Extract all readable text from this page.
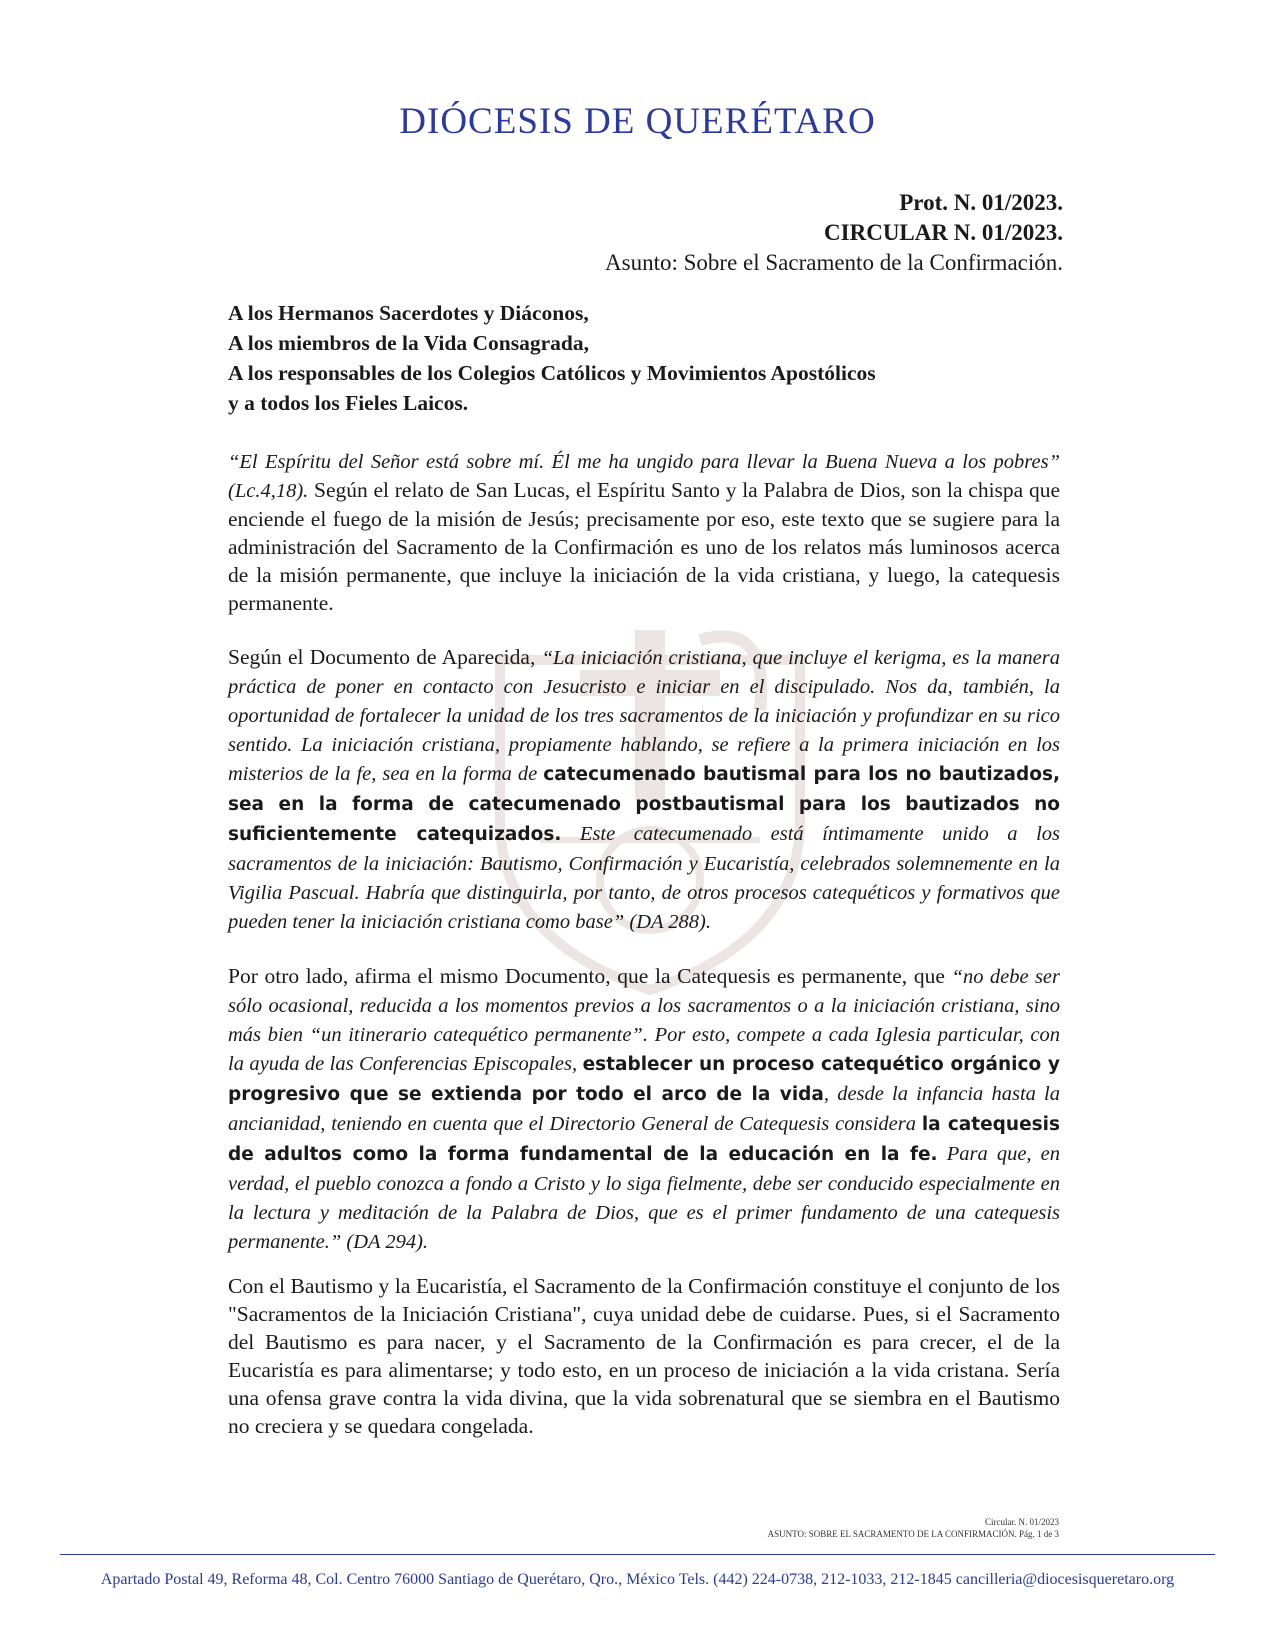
DIÓCESIS DE QUERÉTARO
Prot. N. 01/2023.
CIRCULAR N. 01/2023.
Asunto: Sobre el Sacramento de la Confirmación.
A los Hermanos Sacerdotes y Diáconos,
A los miembros de la Vida Consagrada,
A los responsables de los Colegios Católicos y Movimientos Apostólicos
y a todos los Fieles Laicos.

“El Espíritu del Señor está sobre mí. Él me ha ungido para llevar la Buena Nueva a los pobres” (Lc.4,18). Según el relato de San Lucas, el Espíritu Santo y la Palabra de Dios, son la chispa que enciende el fuego de la misión de Jesús; precisamente por eso, este texto que se sugiere para la administración del Sacramento de la Confirmación es uno de los relatos más luminosos acerca de la misión permanente, que incluye la iniciación de la vida cristiana, y luego, la catequesis permanente.

Según el Documento de Aparecida, “La iniciación cristiana, que incluye el kerigma, es la manera práctica de poner en contacto con Jesucristo e iniciar en el discipulado. Nos da, también, la oportunidad de fortalecer la unidad de los tres sacramentos de la iniciación y profundizar en su rico sentido. La iniciación cristiana, propiamente hablando, se refiere a la primera iniciación en los misterios de la fe, sea en la forma de catecumenado bautismal para los no bautizados, sea en la forma de catecumenado postbautismal para los bautizados no suficientemente catequizados. Este catecumenado está íntimamente unido a los sacramentos de la iniciación: Bautismo, Confirmación y Eucaristía, celebrados solemnemente en la Vigilia Pascual. Habría que distinguirla, por tanto, de otros procesos catequéticos y formativos que pueden tener la iniciación cristiana como base” (DA 288).

Por otro lado, afirma el mismo Documento, que la Catequesis es permanente, que “no debe ser sólo ocasional, reducida a los momentos previos a los sacramentos o a la iniciación cristiana, sino más bien “un itinerario catequético permanente”. Por esto, compete a cada Iglesia particular, con la ayuda de las Conferencias Episcopales, establecer un proceso catequético orgánico y progresivo que se extienda por todo el arco de la vida, desde la infancia hasta la ancianidad, teniendo en cuenta que el Directorio General de Catequesis considera la catequesis de adultos como la forma fundamental de la educación en la fe. Para que, en verdad, el pueblo conozca a fondo a Cristo y lo siga fielmente, debe ser conducido especialmente en la lectura y meditación de la Palabra de Dios, que es el primer fundamento de una catequesis permanente.” (DA 294).

Con el Bautismo y la Eucaristía, el Sacramento de la Confirmación constituye el conjunto de los "Sacramentos de la Iniciación Cristiana", cuya unidad debe de cuidarse. Pues, si el Sacramento del Bautismo es para nacer, y el Sacramento de la Confirmación es para crecer, el de la Eucaristía es para alimentarse; y todo esto, en un proceso de iniciación a la vida cristana. Sería una ofensa grave contra la vida divina, que la vida sobrenatural que se siembra en el Bautismo no creciera y se quedara congelada.

Circular. N. 01/2023
ASUNTO: SOBRE EL SACRAMENTO DE LA CONFIRMACIÓN. Pág. 1 de 3
Apartado Postal 49, Reforma 48, Col. Centro 76000 Santiago de Querétaro, Qro., México Tels. (442) 224-0738, 212-1033, 212-1845 cancilleria@diocesisqueretaro.org
